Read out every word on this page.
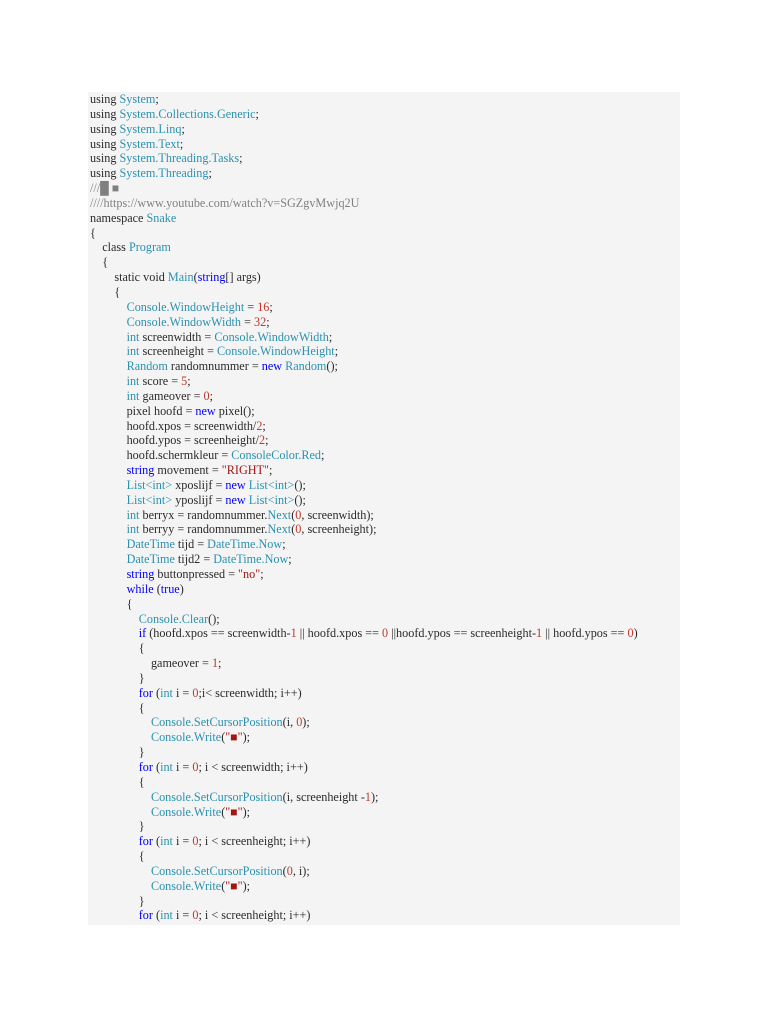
using System;
using System.Collections.Generic;
using System.Linq;
using System.Text;
using System.Threading.Tasks;
using System.Threading;
///█ ■
////https://www.youtube.com/watch?v=SGZgvMwjq2U
namespace Snake
{
class Program
{
static void Main(string[] args)
{
Console.WindowHeight = 16;
Console.WindowWidth = 32;
int screenwidth = Console.WindowWidth;
int screenheight = Console.WindowHeight;
Random randomnummer = new Random();
int score = 5;
int gameover = 0;
pixel hoofd = new pixel();
hoofd.xpos = screenwidth/2;
hoofd.ypos = screenheight/2;
hoofd.schermkleur = ConsoleColor.Red;
string movement = "RIGHT";
List<int> xposlijf = new List<int>();
List<int> yposlijf = new List<int>();
int berryx = randomnummer.Next(0, screenwidth);
int berryy = randomnummer.Next(0, screenheight);
DateTime tijd = DateTime.Now;
DateTime tijd2 = DateTime.Now;
string buttonpressed = "no";
while (true)
{
Console.Clear();
if (hoofd.xpos == screenwidth-1 || hoofd.xpos == 0 ||hoofd.ypos == screenheight-1 || hoofd.ypos == 0)
{
gameover = 1;
}
for (int i = 0;i< screenwidth; i++)
{
Console.SetCursorPosition(i, 0);
Console.Write("■");
}
for (int i = 0; i < screenwidth; i++)
{
Console.SetCursorPosition(i, screenheight -1);
Console.Write("■");
}
for (int i = 0; i < screenheight; i++)
{
Console.SetCursorPosition(0, i);
Console.Write("■");
}
for (int i = 0; i < screenheight; i++)
